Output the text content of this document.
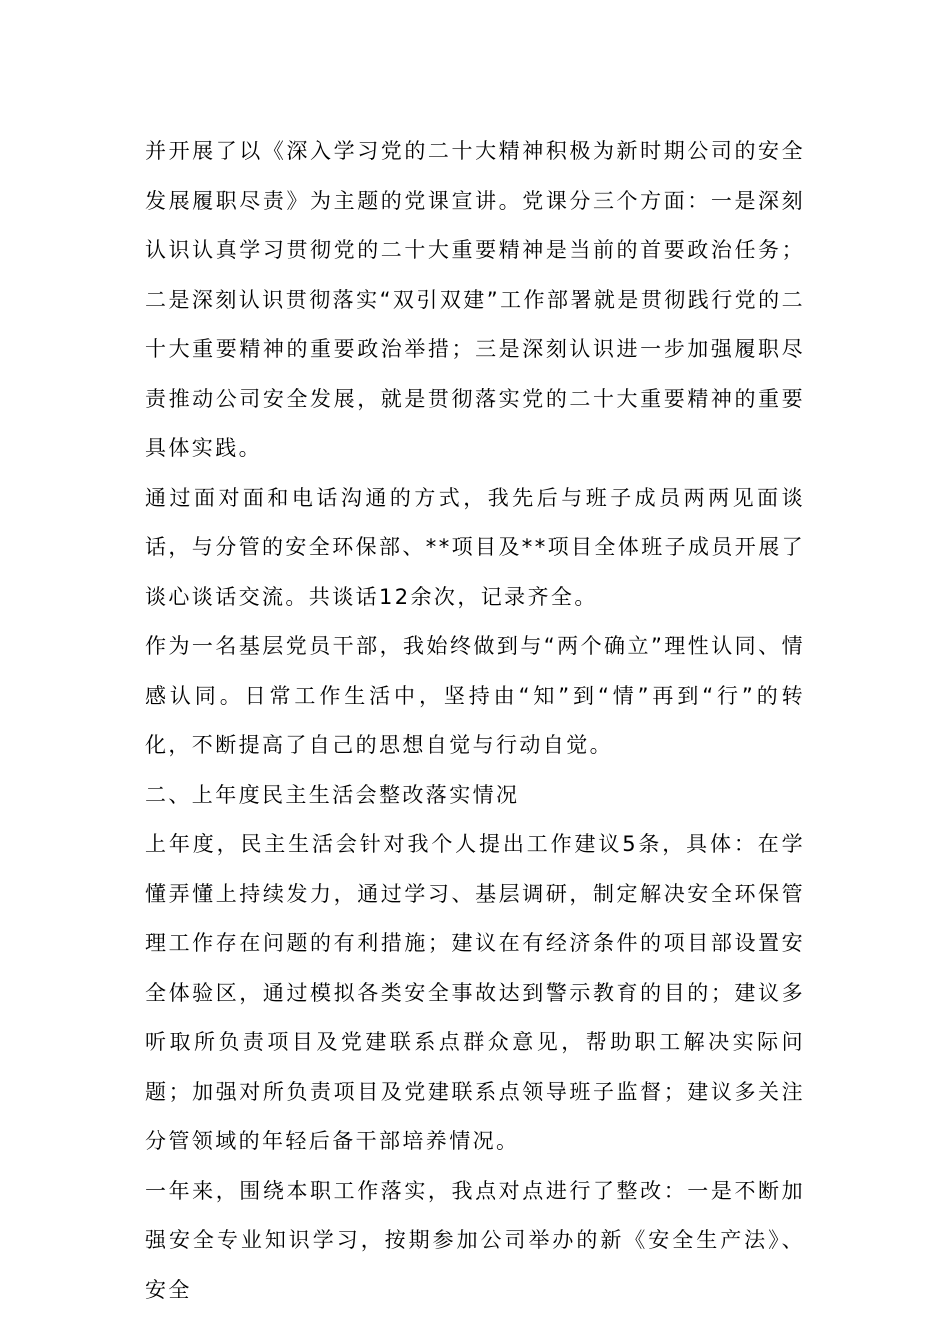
并开展了以《深入学习党的二十大精神积极为新时期公司的安全发展履职尽责》为主题的党课宣讲。党课分三个方面：一是深刻认识认真学习贯彻党的二十大重要精神是当前的首要政治任务；二是深刻认识贯彻落实“双引双建”工作部署就是贯彻践行党的二十大重要精神的重要政治举措；三是深刻认识进一步加强履职尽责推动公司安全发展，就是贯彻落实党的二十大重要精神的重要具体实践。

通过面对面和电话沟通的方式，我先后与班子成员两两见面谈话，与分管的安全环保部、**项目及**项目全体班子成员开展了谈心谈话交流。共谈话12余次，记录齐全。

作为一名基层党员干部，我始终做到与“两个确立”理性认同、情感认同。日常工作生活中，坚持由“知”到“情”再到“行”的转化，不断提高了自己的思想自觉与行动自觉。

二、上年度民主生活会整改落实情况

上年度，民主生活会针对我个人提出工作建议5条，具体：在学懂弄懂上持续发力，通过学习、基层调研，制定解决安全环保管理工作存在问题的有利措施；建议在有经济条件的项目部设置安全体验区，通过模拟各类安全事故达到警示教育的目的；建议多听取所负责项目及党建联系点群众意见，帮助职工解决实际问题；加强对所负责项目及党建联系点领导班子监督；建议多关注分管领域的年轻后备干部培养情况。

一年来，围绕本职工作落实，我点对点进行了整改：一是不断加强安全专业知识学习，按期参加公司举办的新《安全生产法》、安全
